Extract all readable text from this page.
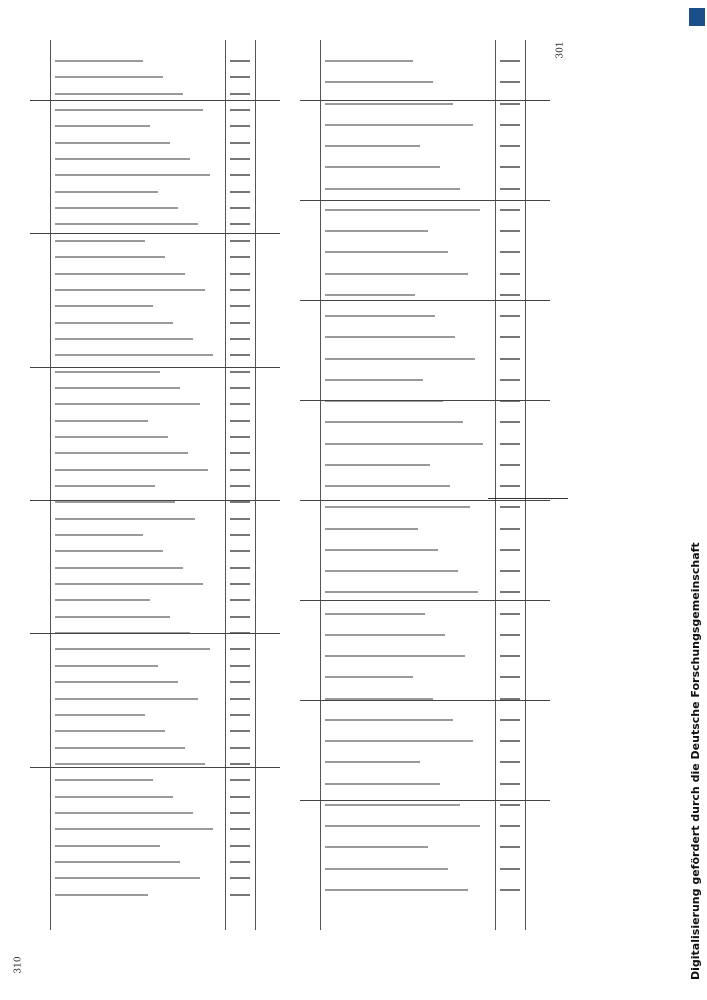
310
301
Digitalisierung gefördert durch die Deutsche Forschungsgemeinschaft
